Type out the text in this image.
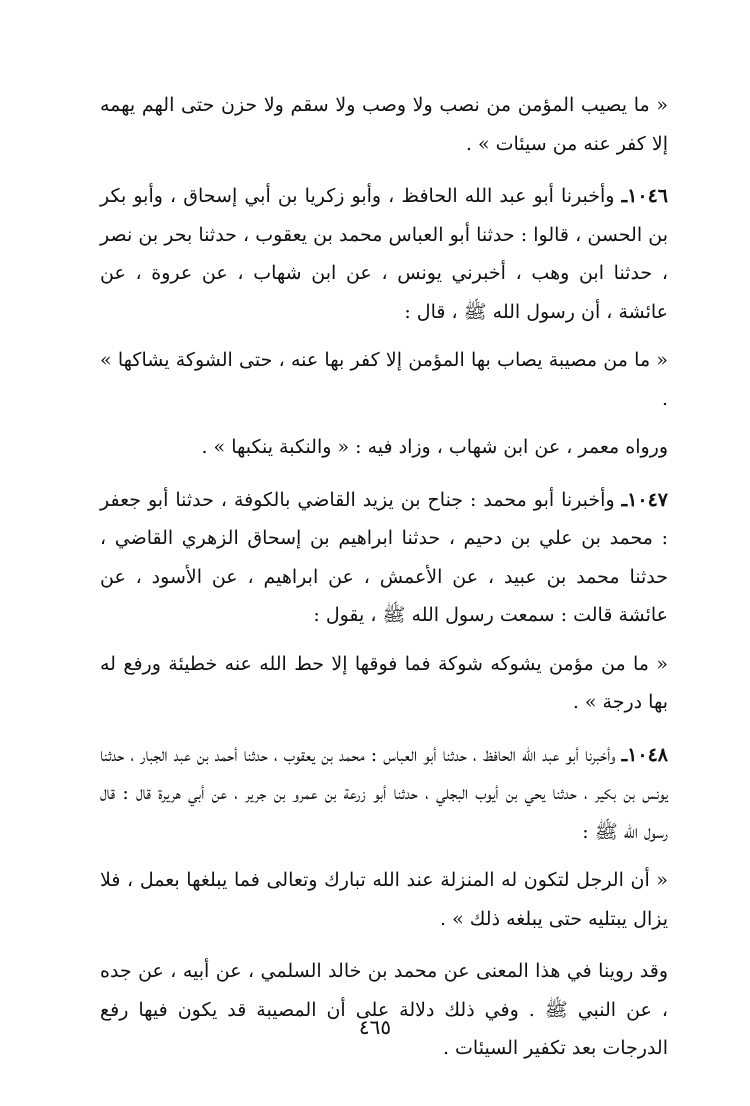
« ما يصيب المؤمن من نصب ولا وصب ولا سقم ولا حزن حتى الهم يهمه إلا كفر عنه من سيئات » .

١٠٤٦ـ وأخبرنا أبو عبد الله الحافظ ، وأبو زكريا بن أبي إسحاق ، وأبو بكر بن الحسن ، قالوا : حدثنا أبو العباس محمد بن يعقوب ، حدثنا بحر بن نصر ، حدثنا ابن وهب ، أخبرني يونس ، عن ابن شهاب ، عن عروة ، عن عائشة ، أن رسول الله ﷺ ، قال :

« ما من مصيبة يصاب بها المؤمن إلا كفر بها عنه ، حتى الشوكة يشاكها » .

ورواه معمر ، عن ابن شهاب ، وزاد فيه : « والنكبة ينكبها » .

١٠٤٧ـ وأخبرنا أبو محمد : جناح بن يزيد القاضي بالكوفة ، حدثنا أبو جعفر : محمد بن علي بن دحيم ، حدثنا ابراهيم بن إسحاق الزهري القاضي ، حدثنا محمد بن عبيد ، عن الأعمش ، عن ابراهيم ، عن الأسود ، عن عائشة قالت : سمعت رسول الله ﷺ ، يقول :

« ما من مؤمن يشوكه شوكة فما فوقها إلا حط الله عنه خطيئة ورفع له بها درجة » .

١٠٤٨ـ وأخبرنا أبو عبد الله الحافظ ، حدثنا أبو العباس : محمد بن يعقوب ، حدثنا أحمد بن عبد الجبار ، حدثنا يونس بن بكير ، حدثنا يحي بن أيوب البجلي ، حدثنا أبو زرعة بن عمرو بن جرير ، عن أبي هريرة قال : قال رسول الله ﷺ :

« أن الرجل لتكون له المنزلة عند الله تبارك وتعالى فما يبلغها بعمل ، فلا يزال يبتليه حتى يبلغه ذلك » .

وقد روينا في هذا المعنى عن محمد بن خالد السلمي ، عن أبيه ، عن جده ، عن النبي ﷺ . وفي ذلك دلالة على أن المصيبة قد يكون فيها رفع الدرجات بعد تكفير السيئات .

٤٦٥
